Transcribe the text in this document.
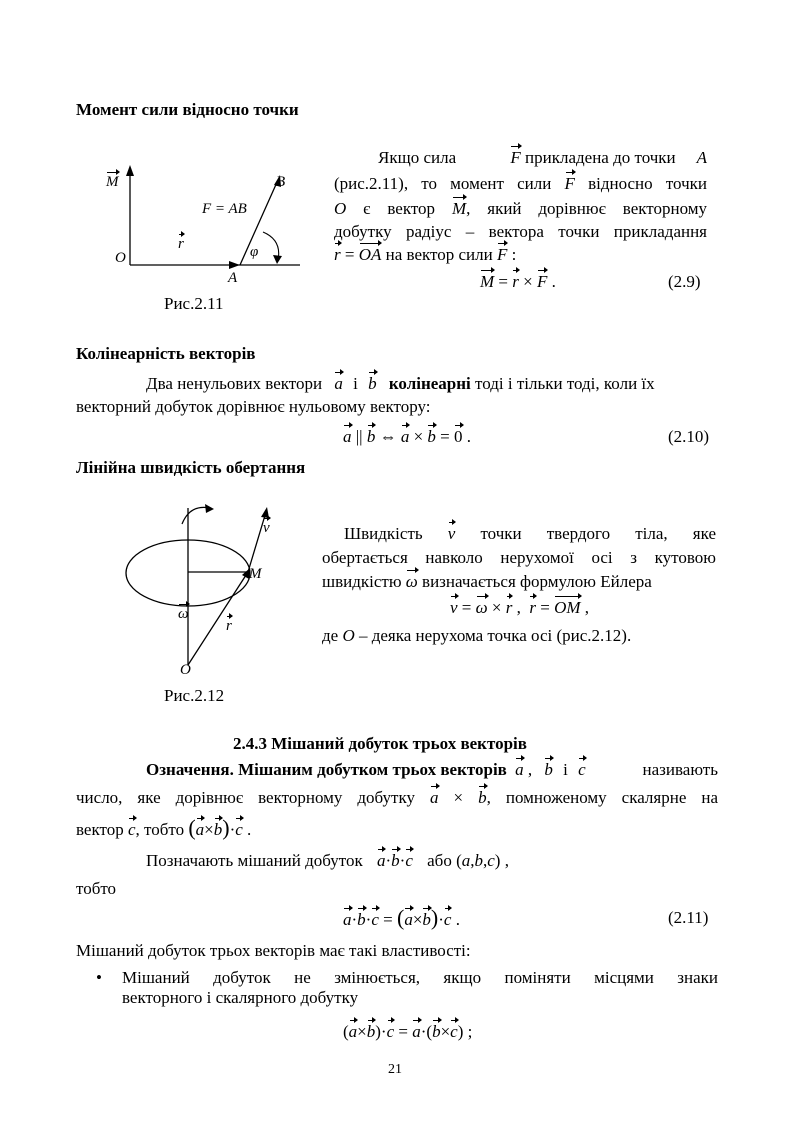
Момент сили відносно точки
M	B
F = AB
r	φ
O
A
Рис.2.11
Якщо сила	F прикладена до точки A
(рис.2.11), то момент сили F відносно точки
O є вектор M, який дорівнює векторному
добутку радіус – вектора точки прикладання
r = OA на вектор сили F :
M = r × F .	(2.9)
Колінеарність векторів
Два ненульових вектори a і b колінеарні тоді і тільки тоді, коли їх
векторний добуток дорівнює нульовому вектору:
a || b ⇔ a × b = 0 .	(2.10)
Лінійна швидкість обертання
v
M
ω
r
O
Рис.2.12
Швидкість v точки твердого тіла, яке
обертається навколо нерухомої осі з кутовою
швидкістю ω визначається формулою Ейлера
v = ω × r ,  r = OM ,
де O – деяка нерухома точка осі (рис.2.12).
2.4.3 Мішаний добуток трьох векторів
Означення. Мішаним добутком трьох векторів a , b і c	називають
число, яке дорівнює векторному добутку a × b, помноженому скалярне на
вектор c, тобто (a×b)·c .
Позначають мішаний добуток a·b·c або (a,b,c) ,
тобто
a·b·c = (a×b)·c .	(2.11)
Мішаний добуток трьох векторів має такі властивості:
• Мішаний добуток не змінюється, якщо поміняти місцями знаки
векторного і скалярного добутку
(a×b)·c = a·(b×c) ;
21
